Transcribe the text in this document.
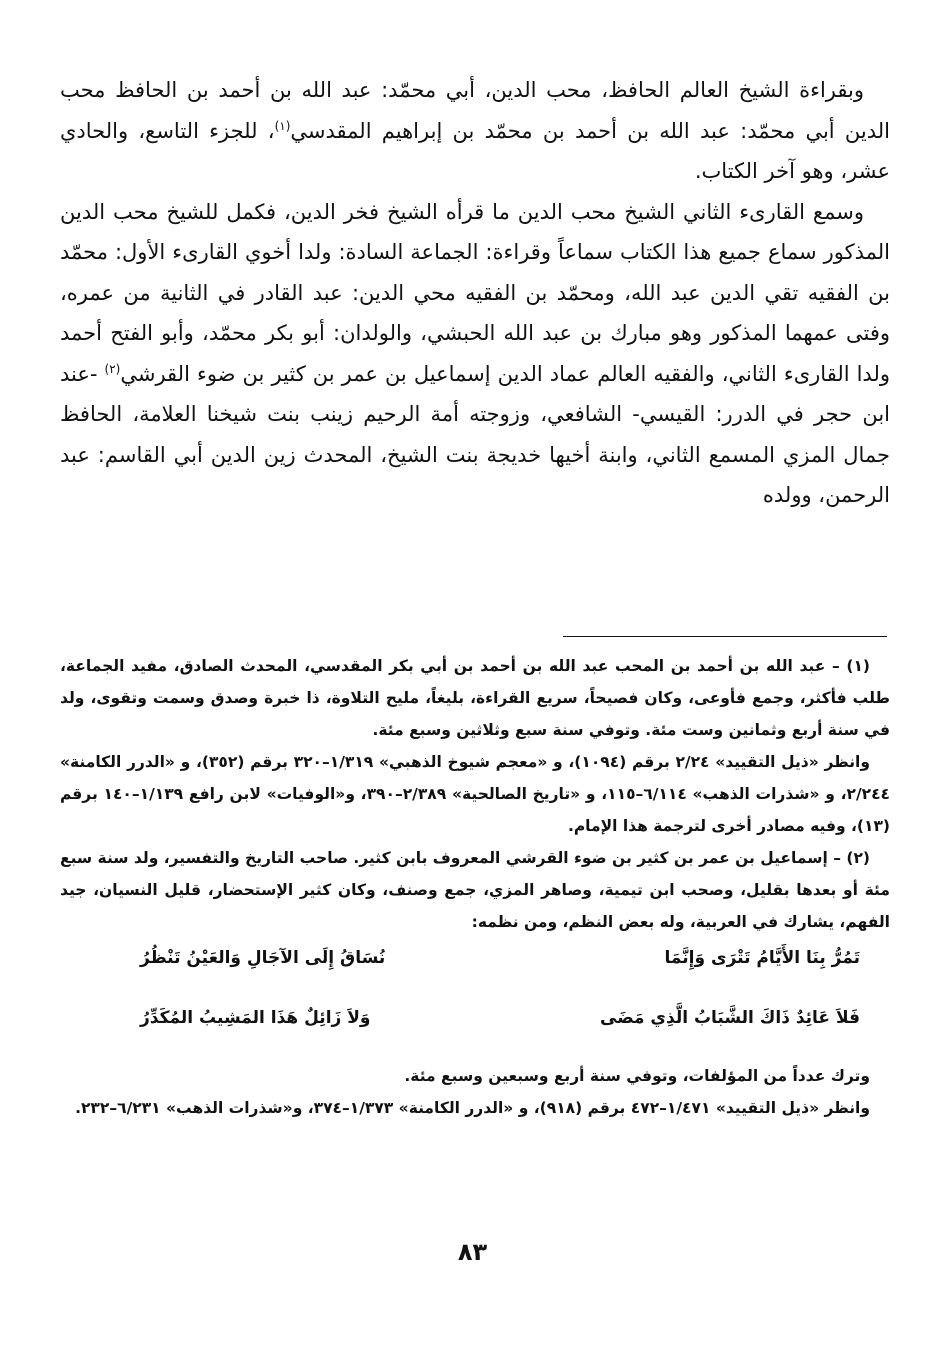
وبقراءة الشيخ العالم الحافظ، محب الدين، أبي محمّد: عبد الله بن أحمد بن الحافظ محب الدين أبي محمّد: عبد الله بن أحمد بن محمّد بن إبراهيم المقدسي$^{(١)}$، للجزء التاسع، والحادي عشر، وهو آخر الكتاب.

وسمع القارىء الثاني الشيخ محب الدين ما قرأه الشيخ فخر الدين، فكمل للشيخ محب الدين المذكور سماع جميع هذا الكتاب سماعاً وقراءة: الجماعة السادة: ولدا أخوي القارىء الأول: محمّد بن الفقيه تقي الدين عبد الله، ومحمّد بن الفقيه محي الدين: عبد القادر في الثانية من عمره، وفتى عمهما المذكور وهو مبارك بن عبد الله الحبشي، والولدان: أبو بكر محمّد، وأبو الفتح أحمد ولدا القارىء الثاني، والفقيه العالم عماد الدين إسماعيل بن عمر بن كثير بن ضوء القرشي$^{(٢)}$ -عند ابن حجر في الدرر: القيسي- الشافعي، وزوجته أمة الرحيم زينب بنت شيخنا العلامة، الحافظ جمال المزي المسمع الثاني، وابنة أخيها خديجة بنت الشيخ، المحدث زين الدين أبي القاسم: عبد الرحمن، وولده

(١) – عبد الله بن أحمد بن المحب عبد الله بن أحمد بن أبي بكر المقدسي، المحدث الصادق، مفيد الجماعة، طلب فأكثر، وجمع فأوعى، وكان فصيحاً، سريع القراءة، بليغاً، مليح التلاوة، ذا خبرة وصدق وسمت وتقوى، ولد في سنة أربع وثمانين وست مئة. وتوفي سنة سبع وثلاثين وسبع مئة.

وانظر «ذيل التقييد» ٢/٢٤ برقم (١٠٩٤)، و «معجم شيوخ الذهبي» ١/٣١٩–٣٢٠ برقم (٣٥٢)، و «الدرر الكامنة» ٢/٢٤٤، و «شذرات الذهب» ٦/١١٤–١١٥، و «تاريخ الصالحية» ٢/٣٨٩–٣٩٠، و«الوفيات» لابن رافع ١/١٣٩–١٤٠ برقم (١٣)، وفيه مصادر أخرى لترجمة هذا الإمام.

(٢) – إسماعيل بن عمر بن كثير بن ضوء القرشي المعروف بابن كثير. صاحب التاريخ والتفسير، ولد سنة سبع مئة أو بعدها بقليل، وصحب ابن تيمية، وصاهر المزي، جمع وصنف، وكان كثير الإستحضار، قليل النسيان، جيد الفهم، يشارك في العربية، وله بعض النظم، ومن نظمه:

تَمُرُّ بِنَا الأَيَّامُ تَتْرَى وَإِنَّمَا
نُسَاقُ إِلَى الآجَالِ وَالعَيْنُ تَنْظُرُ
فَلاَ عَائِدٌ ذَاكَ الشَّبَابُ الَّذِي مَضَى
وَلاَ زَائِلٌ هَذَا المَشِيبُ المُكَدِّرُ

وترك عدداً من المؤلفات، وتوفي سنة أربع وسبعين وسبع مئة.

وانظر «ذيل التقييد» ١/٤٧١–٤٧٢ برقم (٩١٨)، و «الدرر الكامنة» ١/٣٧٣–٣٧٤، و«شذرات الذهب» ٦/٢٣١–٢٣٢.

٨٣
